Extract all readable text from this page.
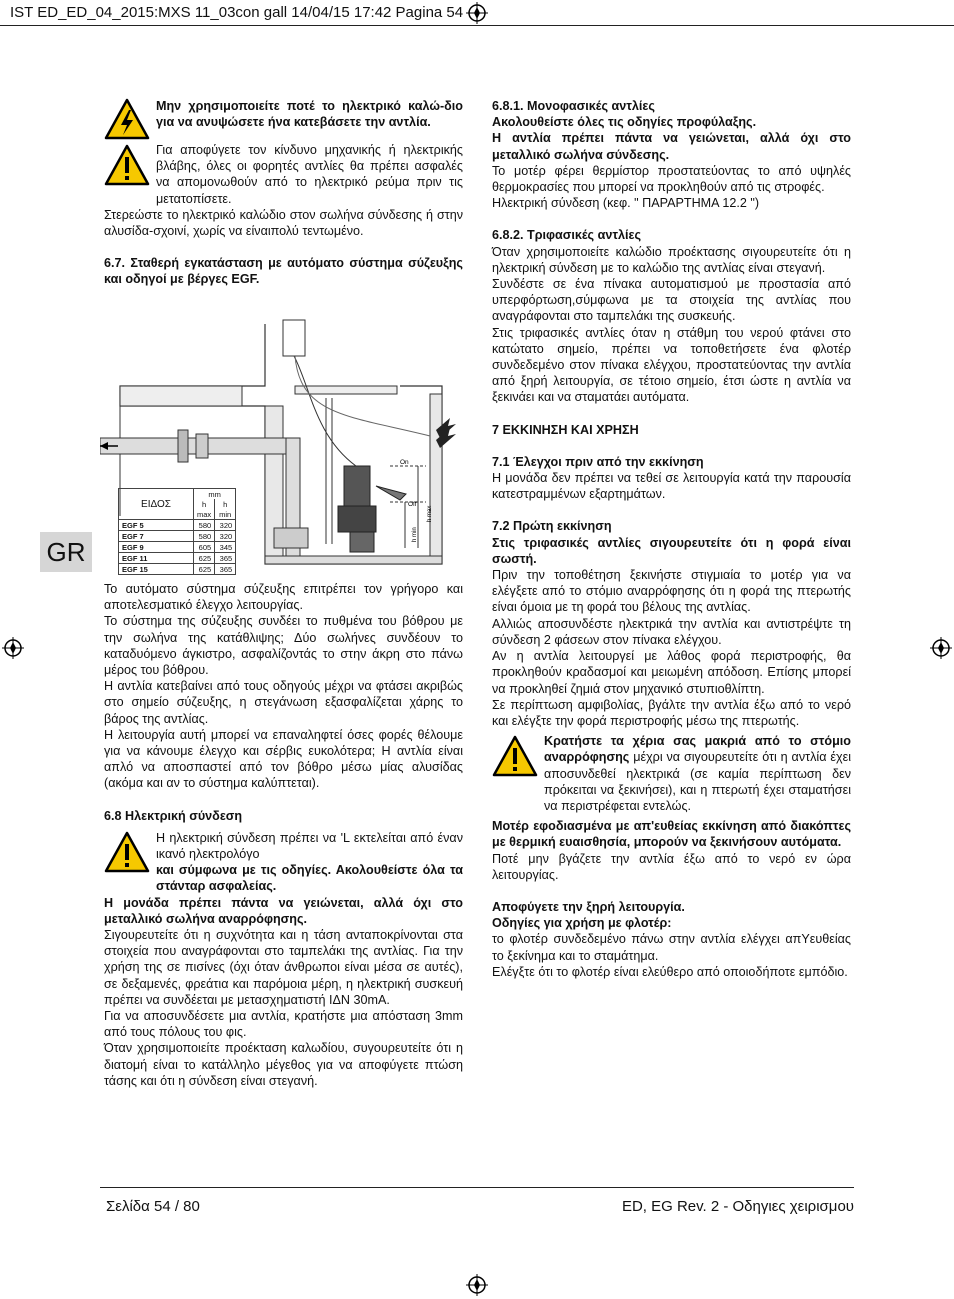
IST ED_ED_04_2015:MXS 11_03con gall 14/04/15 17:42 Pagina 54
GR

Μην χρησιμοποιείτε ποτέ το ηλεκτρικό καλώ-διο για να ανυψώσετε ήνα κατεβάσετε την αντλία.

Για αποφύγετε τον κίνδυνο μηχανικής ή ηλεκτρικής βλάβης, όλες οι φορητές αντλίες θα πρέπει ασφαλές να απομονωθούν από το ηλεκτρικό ρεύμα πριν τις μετατοπίσετε.

Στερεώστε το ηλεκτρικό καλώδιο στον σωλήνα σύνδεσης ή στην αλυσίδα-σχοινί, χωρίς να είναιπολύ τεντωμένο.

6.7. Σταθερή εγκατάσταση με αυτόματο σύστημα σύζευξης και οδηγοί με βέργες EGF.

On
Off
h max
h min
ΕΙΔΟΣ	mm	
	h	h
	max	min
EGF 5	580	320
EGF 7	580	320
EGF 9	605	345
EGF 11	625	365
EGF 15	625	365

Το αυτόματο σύστημα σύζευξης επιτρέπει τον γρήγορο και αποτελεσματικό έλεγχο λειτουργίας.

Το σύστημα της σύζευξης συνδέει το πυθμένα του βόθρου με την σωλήνα της κατάθλιψης; Δύο σωλήνες συνδέουν το καταδυόμενο άγκιστρο, ασφαλίζοντάς το στην άκρη στο πάνω μέρος του βόθρου.

Η αντλία κατεβαίνει από τους οδηγούς μέχρι να φτάσει ακριβώς στο σημείο σύζευξης, η στεγάνωση εξασφαλίζεται χάρης το βάρος της αντλίας.

Η λειτουργία αυτή μπορεί να επαναληφτεί όσες φορές θέλουμε για να κάνουμε έλεγχο και σέρβις ευκολότερα; Η αντλία είναι απλό να αποσπαστεί από τον βόθρο μέσω μίας αλυσίδας (ακόμα και αν το σύστημα καλύπτεται).

6.8 Ηλεκτρική σύνδεση

Η ηλεκτρική σύνδεση πρέπει να 'L εκτελείται από έναν ικανό ηλεκτρολόγο

και σύμφωνα με τις οδηγίες. Ακολουθείστε όλα τα στάνταρ ασφαλείας.

Η μονάδα πρέπει πάντα να γειώνεται, αλλά όχι στο μεταλλικό σωλήνα αναρρόφησης.

Σιγουρευτείτε ότι η συχνότητα και η τάση ανταποκρίνονται στα στοιχεία που αναγράφονται στο ταμπελάκι της αντλίας. Για την χρήση της σε πισίνες (όχι όταν άνθρωποι είναι μέσα σε αυτές), σε δεξαμενές, φρεάτια και παρόμοια μέρη, η ηλεκτρική συσκευή πρέπει να συνδέεται με μετασχηματιστή IΔN 30mA.

Για να αποσυνδέσετε μια αντλία, κρατήστε μια απόσταση 3mm από τους πόλους του φις.

Όταν χρησιμοποιείτε προέκταση καλωδίου, συγουρευτείτε ότι η διατομή είναι το κατάλληλο μέγεθος για να αποφύγετε πτώση τάσης και ότι η σύνδεση είναι στεγανή.

6.8.1. Μονοφασικές αντλίες

Ακολουθείστε όλες τις οδηγίες προφύλαξης.

Η αντλία πρέπει πάντα να γειώνεται, αλλά όχι στο μεταλλικό σωλήνα σύνδεσης.

Το μοτέρ φέρει θερμίστορ προστατεύοντας το από υψηλές θερμοκρασίες που μπορεί να προκληθούν από τις στροφές.

Ηλεκτρική σύνδεση (κεφ. " ΠΑΡΑΡΤΗΜΑ 12.2 ")

6.8.2. Τριφασικές αντλίες

Όταν χρησιμοποιείτε καλώδιο προέκτασης σιγουρευτείτε ότι η ηλεκτρική σύνδεση με το καλώδιο της αντλίας είναι στεγανή.

Συνδέστε σε ένα πίνακα αυτοματισμού με προστασία από υπερφόρτωση,σύμφωνα με τα στοιχεία της αντλίας που αναγράφονται στο ταμπελάκι της συσκευής.

Στις τριφασικές αντλίες όταν η στάθμη του νερού φτάνει στο κατώτατο σημείο, πρέπει να τοποθετήσετε ένα φλοτέρ συνδεδεμένο στον πίνακα ελέγχου, προστατεύοντας την αντλία από ξηρή λειτουργία, σε τέτοιο σημείο, έτσι ώστε η αντλία να ξεκινάει και να σταματάει αυτόματα.

7 ΕΚΚΙΝΗΣΗ ΚΑΙ ΧΡΗΣΗ
7.1 Έλεγχοι πριν από την εκκίνηση

Η μονάδα δεν πρέπει να τεθεί σε λειτουργία κατά την παρουσία κατεστραμμένων εξαρτημάτων.

7.2 Πρώτη εκκίνηση

Στις τριφασικές αντλίες σιγουρευτείτε ότι η φορά είναι σωστή.

Πριν την τοποθέτηση ξεκινήστε στιγμιαία το μοτέρ για να ελέγξετε από το στόμιο αναρρόφησης ότι η φορά της πτερωτής είναι όμοια με τη φορά του βέλους της αντλίας.

Αλλιώς αποσυνδέστε ηλεκτρικά την αντλία και αντιστρέψτε τη σύνδεση 2 φάσεων στον πίνακα ελέγχου.

Αν η αντλία λειτουργεί με λάθος φορά περιστροφής, θα προκληθούν κραδασμοί και μειωμένη απόδοση. Επίσης μπορεί να προκληθεί ζημιά στον μηχανικό στυπιοθλίπτη.

Σε περίπτωση αμφιβολίας, βγάλτε την αντλία έξω από το νερό και ελέγξτε την φορά περιστροφής μέσω της πτερωτής.

Κρατήστε τα χέρια σας μακριά από το στόμιο αναρρόφησης μέχρι να σιγουρευτείτε ότι η αντλία έχει αποσυνδεθεί ηλεκτρικά (σε καμία περίπτωση δεν πρόκειται να ξεκινήσει), και η πτερωτή έχει σταματήσει να περιστρέφεται εντελώς.

Μοτέρ εφοδιασμένα με απ'ευθείας εκκίνηση από διακόπτες με θερμική ευαισθησία, μπορούν να ξεκινήσουν αυτόματα.

Ποτέ μην βγάζετε την αντλία έξω από το νερό εν ώρα λειτουργίας.

Αποφύγετε την ξηρή λειτουργία.

Οδηγίες για χρήση με φλοτέρ:

το φλοτέρ συνδεδεμένο πάνω στην αντλία ελέγχει απΥευθείας το ξεκίνημα και το σταμάτημα.

Ελέγξτε ότι το φλοτέρ είναι ελεύθερο από οποιοδήποτε εμπόδιο.

Σελίδα 54 / 80	ED, EG Rev. 2 - Οδηγιες χειρισμου
